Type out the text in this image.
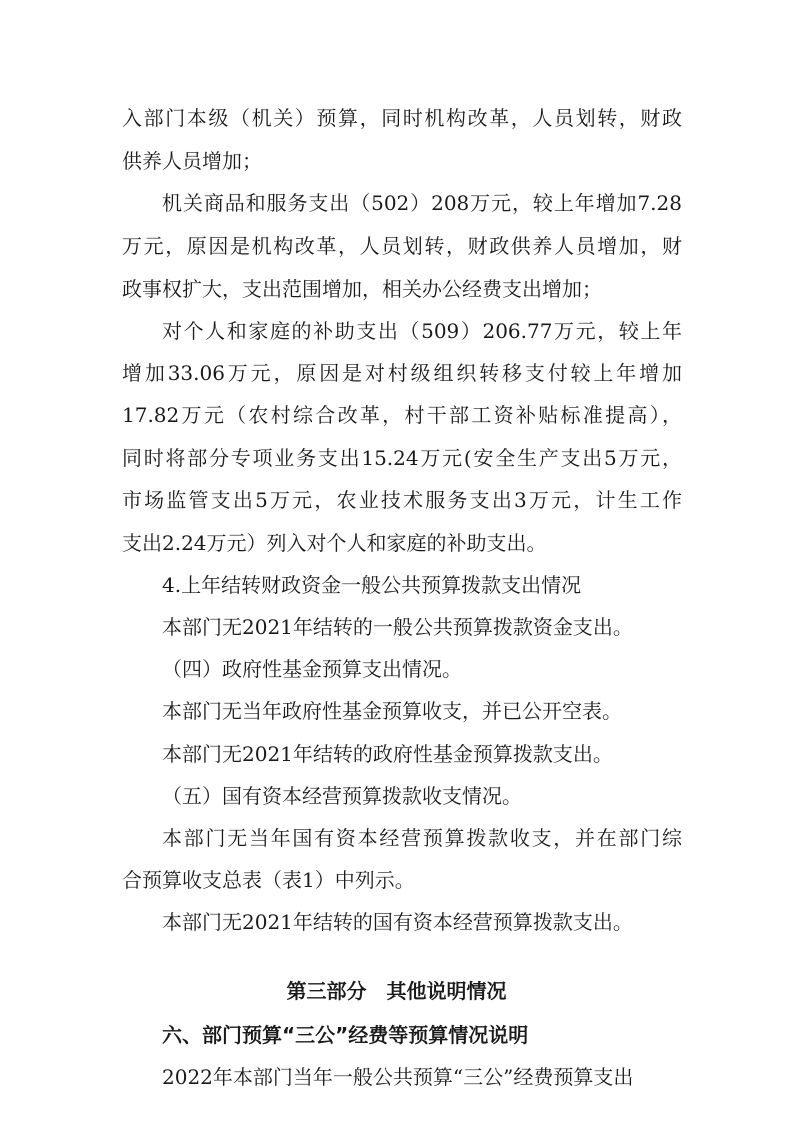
入部门本级（机关）预算，同时机构改革，人员划转，财政
供养人员增加；
机关商品和服务支出（502）208万元，较上年增加7.28
万元，原因是机构改革，人员划转，财政供养人员增加，财
政事权扩大，支出范围增加，相关办公经费支出增加；
对个人和家庭的补助支出（509）206.77万元，较上年
增加33.06万元，原因是对村级组织转移支付较上年增加
17.82万元（农村综合改革，村干部工资补贴标准提高），
同时将部分专项业务支出15.24万元(安全生产支出5万元，
市场监管支出5万元，农业技术服务支出3万元，计生工作
支出2.24万元）列入对个人和家庭的补助支出。
4.上年结转财政资金一般公共预算拨款支出情况
本部门无2021年结转的一般公共预算拨款资金支出。
（四）政府性基金预算支出情况。
本部门无当年政府性基金预算收支，并已公开空表。
本部门无2021年结转的政府性基金预算拨款支出。
（五）国有资本经营预算拨款收支情况。
本部门无当年国有资本经营预算拨款收支，并在部门综
合预算收支总表（表1）中列示。
本部门无2021年结转的国有资本经营预算拨款支出。
第三部分　其他说明情况
六、部门预算“三公”经费等预算情况说明
2022年本部门当年一般公共预算“三公”经费预算支出
